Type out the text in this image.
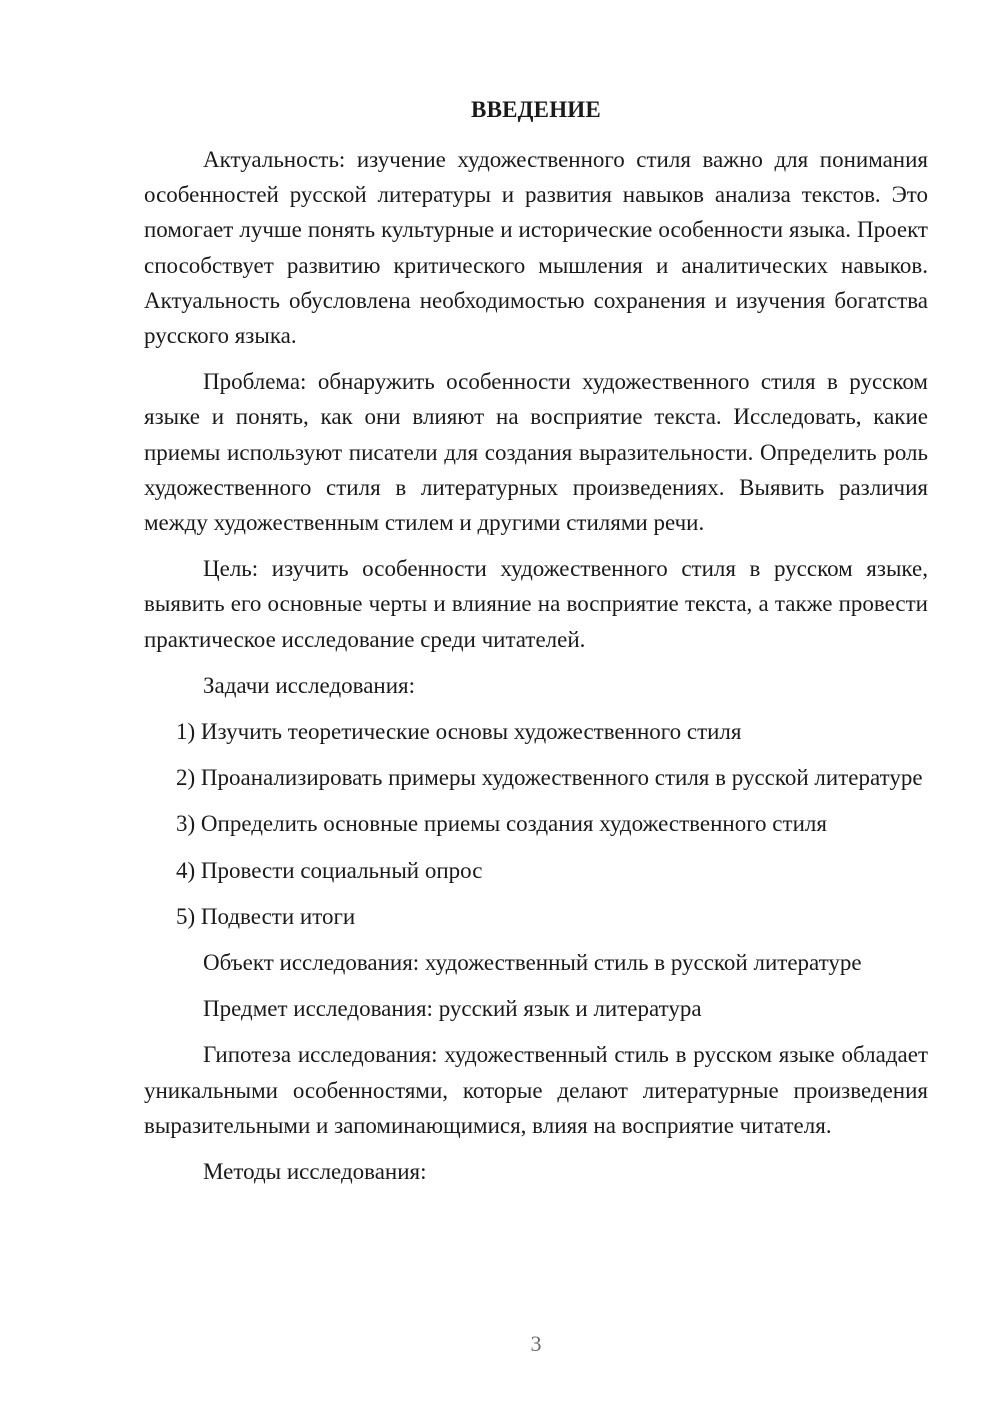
ВВЕДЕНИЕ

Актуальность: изучение художественного стиля важно для понимания особенностей русской литературы и развития навыков анализа текстов. Это помогает лучше понять культурные и исторические особенности языка. Проект способствует развитию критического мышления и аналитических навыков. Актуальность обусловлена необходимостью сохранения и изучения богатства русского языка.

Проблема: обнаружить особенности художественного стиля в русском языке и понять, как они влияют на восприятие текста. Исследовать, какие приемы используют писатели для создания выразительности. Определить роль художественного стиля в литературных произведениях. Выявить различия между художественным стилем и другими стилями речи.

Цель: изучить особенности художественного стиля в русском языке, выявить его основные черты и влияние на восприятие текста, а также провести практическое исследование среди читателей.

Задачи исследования:

1) Изучить теоретические основы художественного стиля

2) Проанализировать примеры художественного стиля в русской литературе

3) Определить основные приемы создания художественного стиля

4) Провести социальный опрос

5) Подвести итоги

Объект исследования: художественный стиль в русской литературе

Предмет исследования: русский язык и литература

Гипотеза исследования: художественный стиль в русском языке обладает уникальными особенностями, которые делают литературные произведения выразительными и запоминающимися, влияя на восприятие читателя.

Методы исследования:

3
